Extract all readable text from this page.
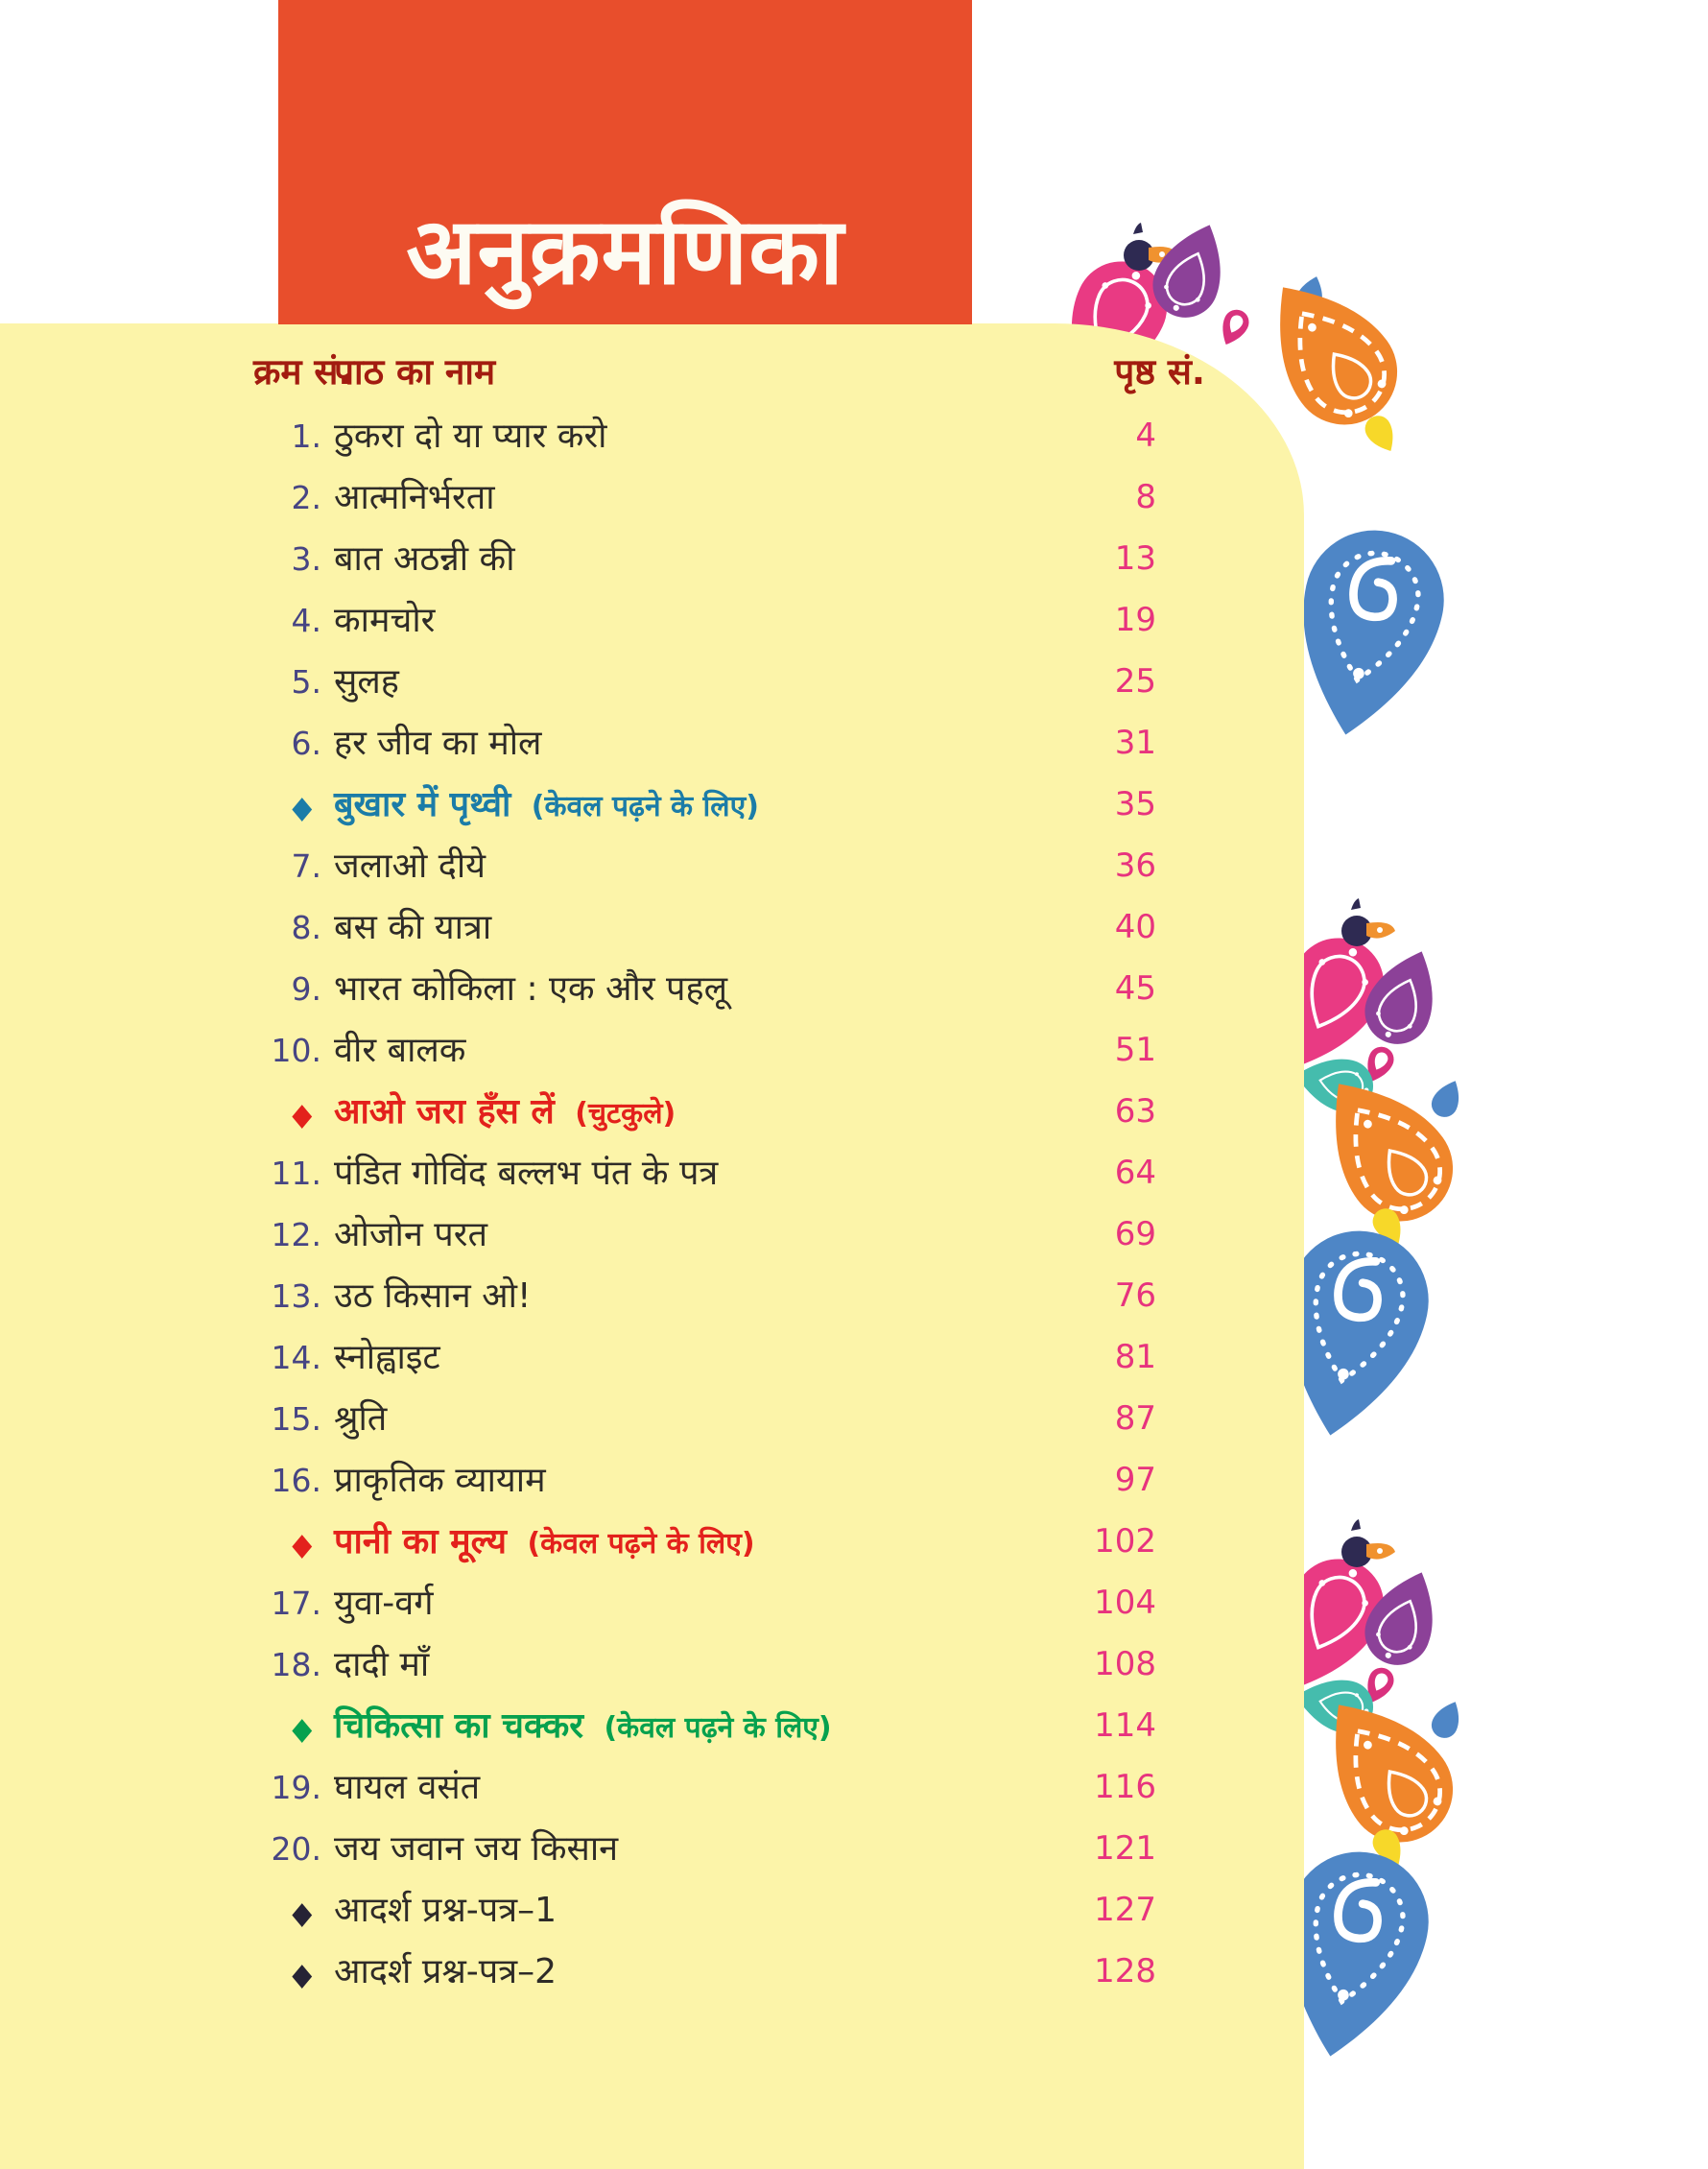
अनुक्रमणिका
क्रम सं.
पाठ का नाम	पृष्ठ सं.
1. ठुकरा दो या प्यार करो	4
2. आत्मनिर्भरता	8
3. बात अठन्नी की	13
4. कामचोर	19
5. सुलह	25
6. हर जीव का मोल	31
◆ बुखार में पृथ्वी (केवल पढ़ने के लिए)	35
7. जलाओ दीये	36
8. बस की यात्रा	40
9. भारत कोकिला : एक और पहलू	45
10. वीर बालक	51
◆ आओ जरा हँस लें (चुटकुले)	63
11. पंडित गोविंद बल्लभ पंत के पत्र	64
12. ओजोन परत	69
13. उठ किसान ओ!	76
14. स्नोह्वाइट	81
15. श्रुति	87
16. प्राकृतिक व्यायाम	97
◆ पानी का मूल्य (केवल पढ़ने के लिए)	102
17. युवा-वर्ग	104
18. दादी माँ	108
◆ चिकित्सा का चक्कर (केवल पढ़ने के लिए)	114
19. घायल वसंत	116
20. जय जवान जय किसान	121
◆ आदर्श प्रश्न-पत्र–1	127
◆ आदर्श प्रश्न-पत्र–2	128
